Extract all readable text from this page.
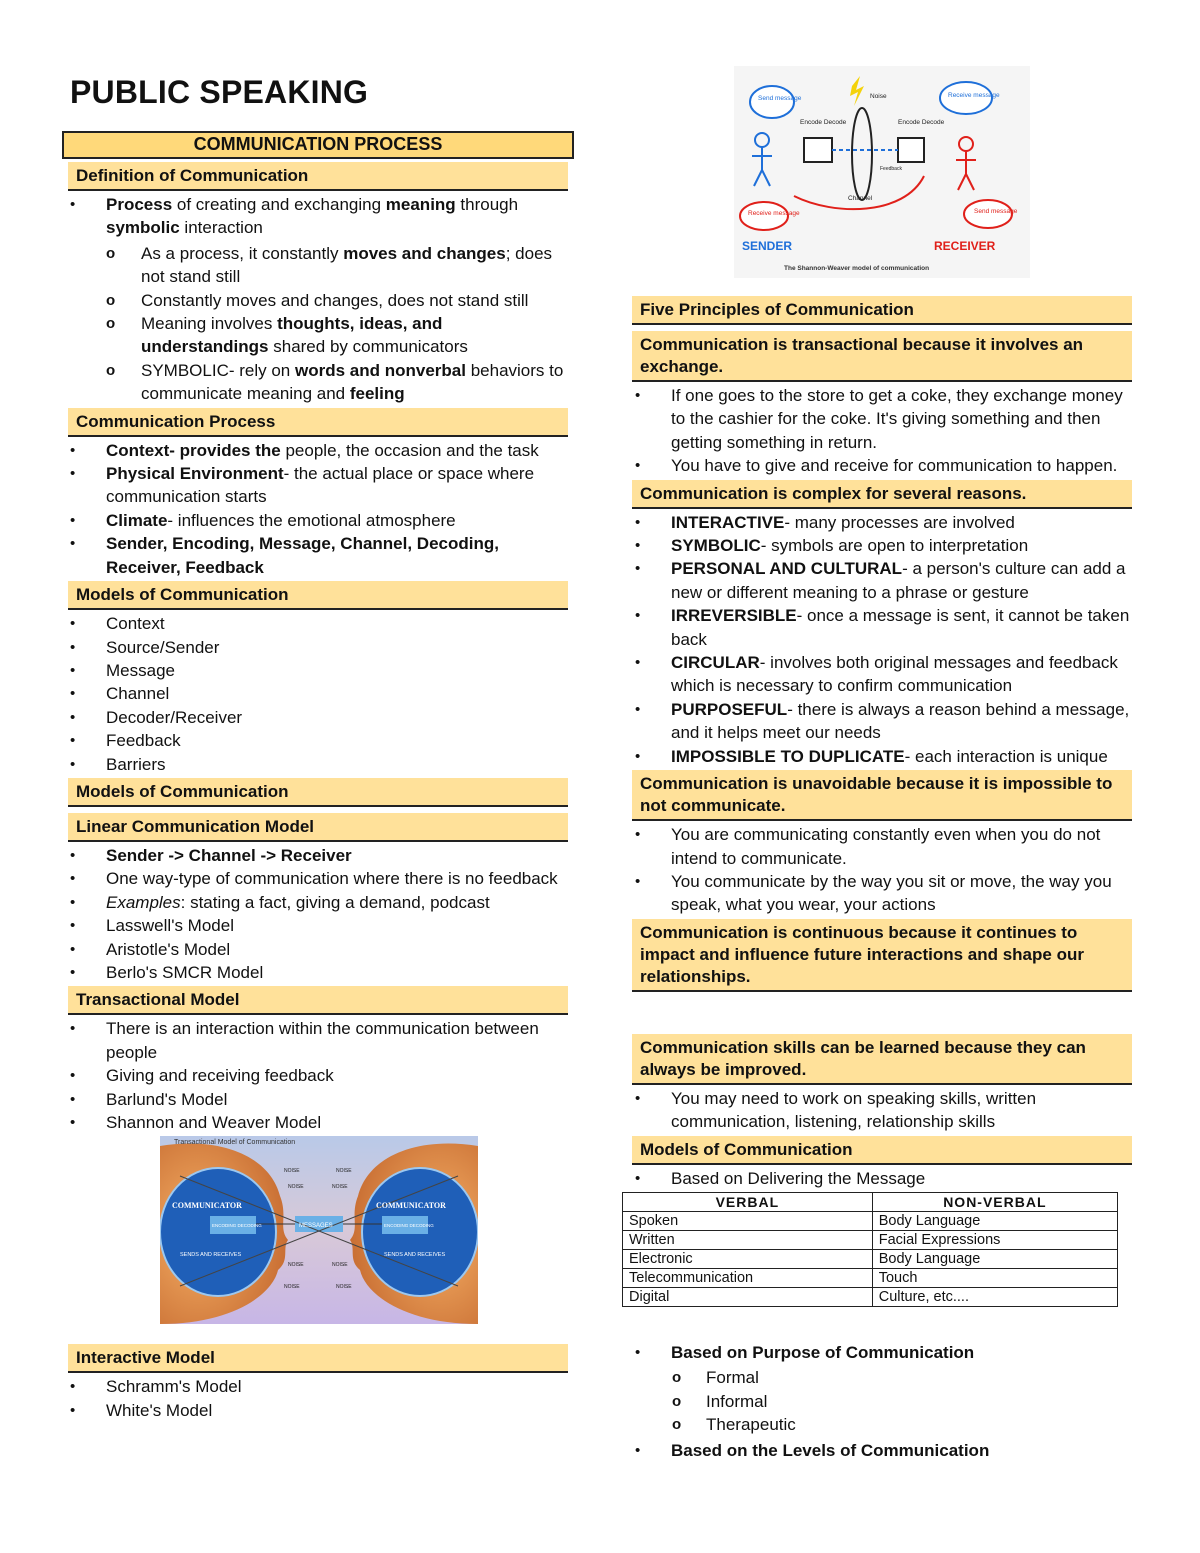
PUBLIC SPEAKING
COMMUNICATION PROCESS
Definition of Communication
• Process of creating and exchanging meaning through symbolic interaction
o As a process, it constantly moves and changes; does not stand still
o Constantly moves and changes, does not stand still
o Meaning involves thoughts, ideas, and understandings shared by communicators
o SYMBOLIC- rely on words and nonverbal behaviors to communicate meaning and feeling
Communication Process
• Context- provides the people, the occasion and the task
• Physical Environment- the actual place or space where communication starts
• Climate- influences the emotional atmosphere
• Sender, Encoding, Message, Channel, Decoding, Receiver, Feedback
Models of Communication
• Context
• Source/Sender
• Message
• Channel
• Decoder/Receiver
• Feedback
• Barriers
Models of Communication
Linear Communication Model
• Sender -> Channel -> Receiver
• One way-type of communication where there is no feedback
• Examples: stating a fact, giving a demand, podcast
• Lasswell's Model
• Aristotle's Model
• Berlo's SMCR Model
Transactional Model
• There is an interaction within the communication between people
• Giving and receiving feedback
• Barlund's Model
• Shannon and Weaver Model
Transactional Model of Communication
COMMUNICATOR	COMMUNICATOR
ENCODING DECODING	ENCODING DECODING
MESSAGES
SENDS AND RECEIVES	SENDS AND RECEIVES
NOISE	NOISE
NOISE	NOISE
NOISE	NOISE
NOISE	NOISE
Interactive Model
• Schramm's Model
• White's Model
Send message	Receive message
Noise
Encode Decode	Encode Decode
Feedback
Channel
Receive message	Send message
SENDER	RECEIVER
The Shannon-Weaver model of communication
Five Principles of Communication
Communication is transactional because it involves an exchange.
• If one goes to the store to get a coke, they exchange money to the cashier for the coke. It's giving something and then getting something in return.
• You have to give and receive for communication to happen.
Communication is complex for several reasons.
• INTERACTIVE- many processes are involved
• SYMBOLIC- symbols are open to interpretation
• PERSONAL AND CULTURAL- a person's culture can add a new or different meaning to a phrase or gesture
• IRREVERSIBLE- once a message is sent, it cannot be taken back
• CIRCULAR- involves both original messages and feedback which is necessary to confirm communication
• PURPOSEFUL- there is always a reason behind a message, and it helps meet our needs
• IMPOSSIBLE TO DUPLICATE- each interaction is unique
Communication is unavoidable because it is impossible to not communicate.
• You are communicating constantly even when you do not intend to communicate.
• You communicate by the way you sit or move, the way you speak, what you wear, your actions
Communication is continuous because it continues to impact and influence future interactions and shape our relationships.
Communication skills can be learned because they can always be improved.
• You may need to work on speaking skills, written communication, listening, relationship skills
Models of Communication
• Based on Delivering the Message
VERBAL	NON-VERBAL
Spoken	Body Language
Written	Facial Expressions
Electronic	Body Language
Telecommunication	Touch
Digital	Culture, etc....
• Based on Purpose of Communication
o Formal
o Informal
o Therapeutic
• Based on the Levels of Communication
